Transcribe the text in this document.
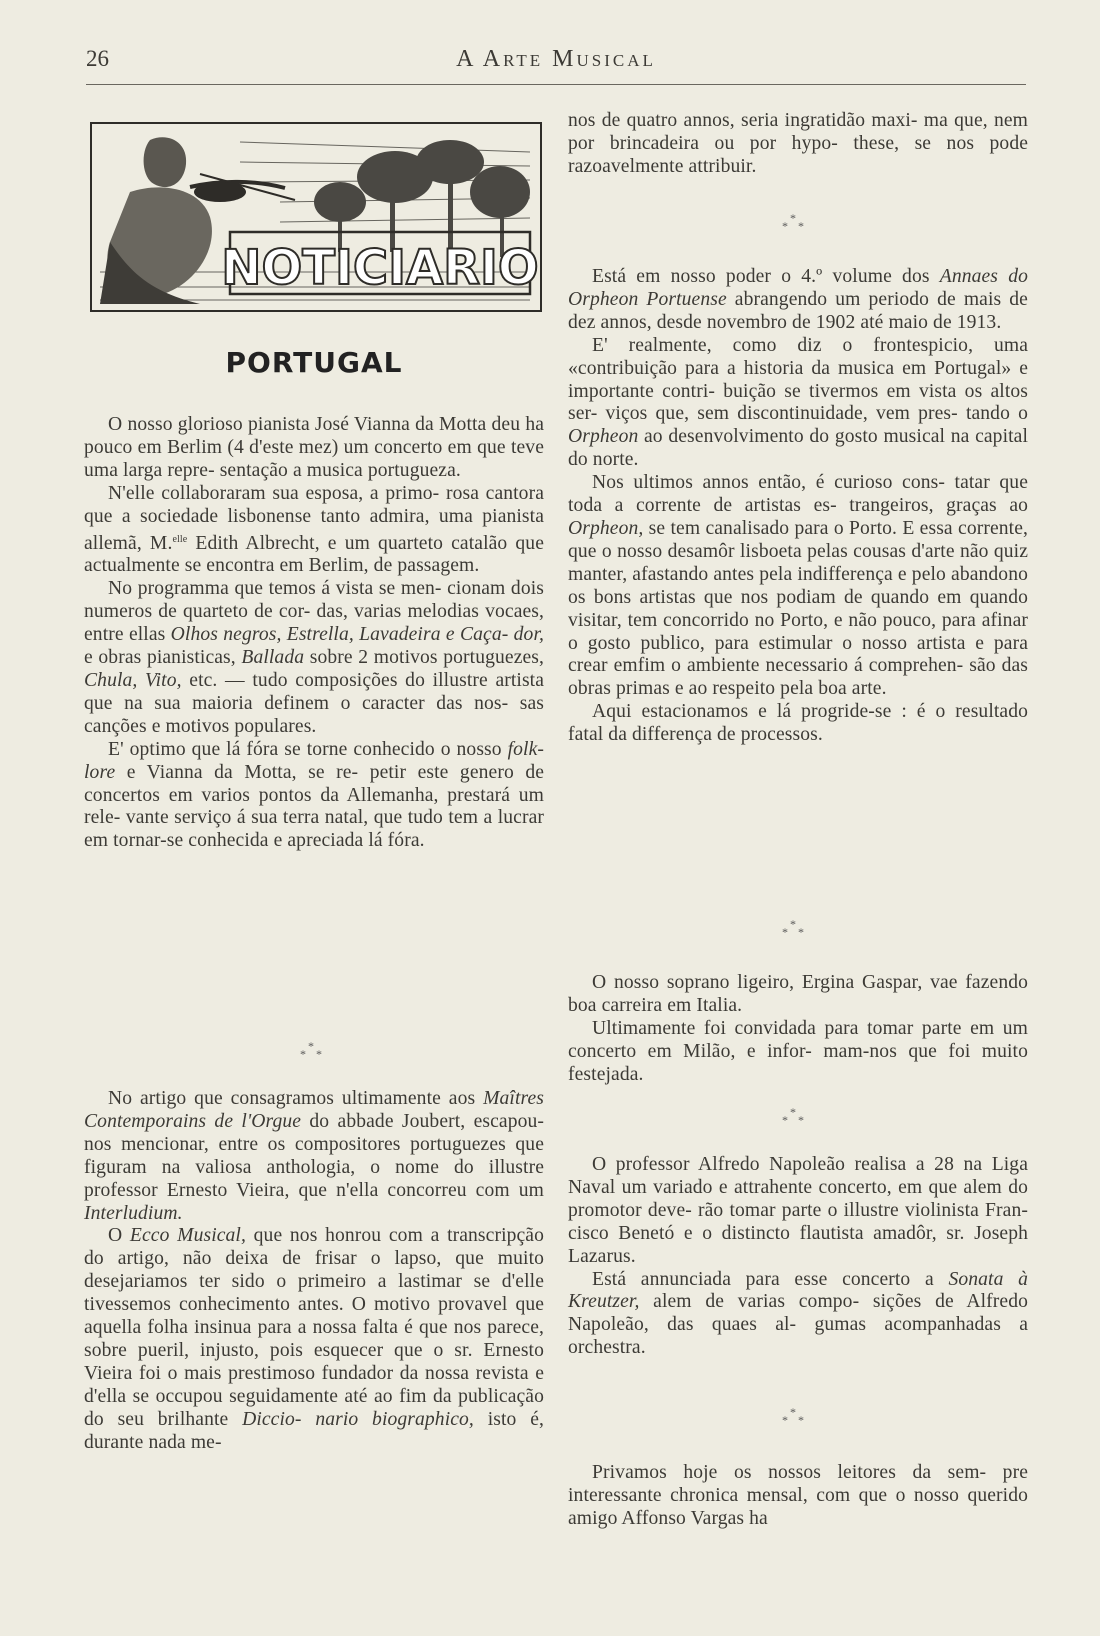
26	A Arte Musical
NOTICIARIO
PORTUGAL

O nosso glorioso pianista José Vianna da Motta deu ha pouco em Berlim (4 d'este mez) um concerto em que teve uma larga repre- sentação a musica portugueza.

N'elle collaboraram sua esposa, a primo- rosa cantora que a sociedade lisbonense tanto admira, uma pianista allemã, M.$^{elle}$ Edith Albrecht, e um quarteto catalão que actualmente se encontra em Berlim, de passagem.

No programma que temos á vista se men- cionam dois numeros de quarteto de cor- das, varias melodias vocaes, entre ellas Olhos negros, Estrella, Lavadeira e Caça- dor, e obras pianisticas, Ballada sobre 2 motivos portuguezes, Chula, Vito, etc. — tudo composições do illustre artista que na sua maioria definem o caracter das nos- sas canções e motivos populares.

E' optimo que lá fóra se torne conhecido o nosso folk-lore e Vianna da Motta, se re- petir este genero de concertos em varios pontos da Allemanha, prestará um rele- vante serviço á sua terra natal, que tudo tem a lucrar em tornar-se conhecida e apreciada lá fóra.

*
* *

No artigo que consagramos ultimamente aos Maîtres Contemporains de l'Orgue do abbade Joubert, escapou-nos mencionar, entre os compositores portuguezes que figuram na valiosa anthologia, o nome do illustre professor Ernesto Vieira, que n'ella concorreu com um Interludium.

O Ecco Musical, que nos honrou com a transcripção do artigo, não deixa de frisar o lapso, que muito desejariamos ter sido o primeiro a lastimar se d'elle tivessemos conhecimento antes. O motivo provavel que aquella folha insinua para a nossa falta é que nos parece, sobre pueril, injusto, pois esquecer que o sr. Ernesto Vieira foi o mais prestimoso fundador da nossa revista e d'ella se occupou seguidamente até ao fim da publicação do seu brilhante Diccio- nario biographico, isto é, durante nada me-

nos de quatro annos, seria ingratidão maxi- ma que, nem por brincadeira ou por hypo- these, se nos pode razoavelmente attribuir.

*
* *

Está em nosso poder o 4.º volume dos Annaes do Orpheon Portuense abrangendo um periodo de mais de dez annos, desde novembro de 1902 até maio de 1913.

E' realmente, como diz o frontespicio, uma «contribuição para a historia da musica em Portugal» e importante contri- buição se tivermos em vista os altos ser- viços que, sem discontinuidade, vem pres- tando o Orpheon ao desenvolvimento do gosto musical na capital do norte.

Nos ultimos annos então, é curioso cons- tatar que toda a corrente de artistas es- trangeiros, graças ao Orpheon, se tem canalisado para o Porto. E essa corrente, que o nosso desamôr lisboeta pelas cousas d'arte não quiz manter, afastando antes pela indifferença e pelo abandono os bons artistas que nos podiam de quando em quando visitar, tem concorrido no Porto, e não pouco, para afinar o gosto publico, para estimular o nosso artista e para crear emfim o ambiente necessario á comprehen- são das obras primas e ao respeito pela boa arte.

Aqui estacionamos e lá progride-se : é o resultado fatal da differença de processos.

*
* *

O nosso soprano ligeiro, Ergina Gaspar, vae fazendo boa carreira em Italia.

Ultimamente foi convidada para tomar parte em um concerto em Milão, e infor- mam-nos que foi muito festejada.

*
* *

O professor Alfredo Napoleão realisa a 28 na Liga Naval um variado e attrahente concerto, em que alem do promotor deve- rão tomar parte o illustre violinista Fran- cisco Benetó e o distincto flautista amadôr, sr. Joseph Lazarus.

Está annunciada para esse concerto a Sonata à Kreutzer, alem de varias compo- sições de Alfredo Napoleão, das quaes al- gumas acompanhadas a orchestra.

*
* *

Privamos hoje os nossos leitores da sem- pre interessante chronica mensal, com que o nosso querido amigo Affonso Vargas ha
